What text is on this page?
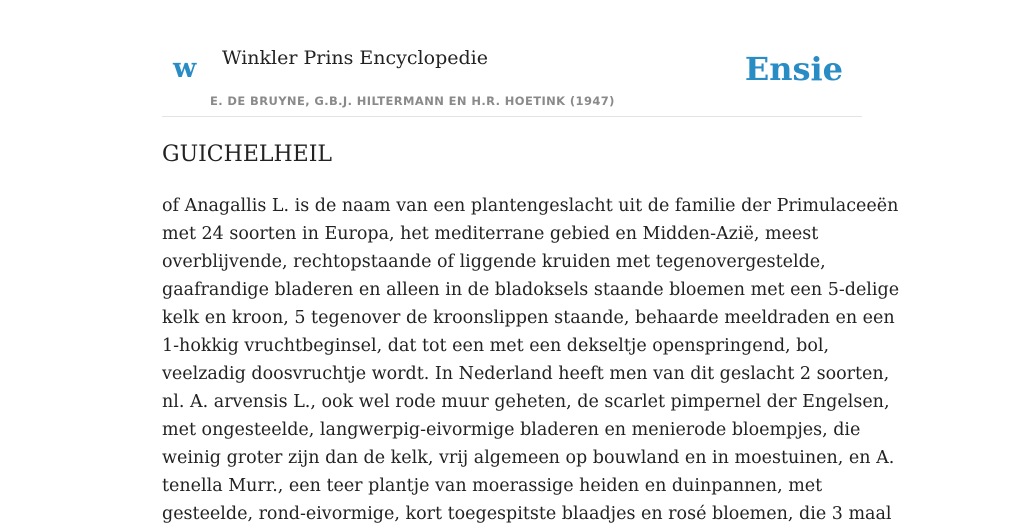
w Winkler Prins Encyclopedie
E. DE BRUYNE, G.B.J. HILTERMANN EN H.R. HOETINK (1947)
Ensie
GUICHELHEIL

of Anagallis L. is de naam van een plantengeslacht uit de familie der Primulaceeën
met 24 soorten in Europa, het mediterrane gebied en Midden-Azië, meest
overblijvende, rechtopstaande of liggende kruiden met tegenovergestelde,
gaafrandige bladeren en alleen in de bladoksels staande bloemen met een 5-delige
kelk en kroon, 5 tegenover de kroonslippen staande, behaarde meeldraden en een
1-hokkig vruchtbeginsel, dat tot een met een dekseltje openspringend, bol,
veelzadig doosvruchtje wordt. In Nederland heeft men van dit geslacht 2 soorten,
nl. A. arvensis L., ook wel rode muur geheten, de scarlet pimpernel der Engelsen,
met ongesteelde, langwerpig-eivormige bladeren en menierode bloempjes, die
weinig groter zijn dan de kelk, vrij algemeen op bouwland en in moestuinen, en A.
tenella Murr., een teer plantje van moerassige heiden en duinpannen, met
gesteelde, rond-eivormige, kort toegespitste blaadjes en rosé bloemen, die 3 maal
